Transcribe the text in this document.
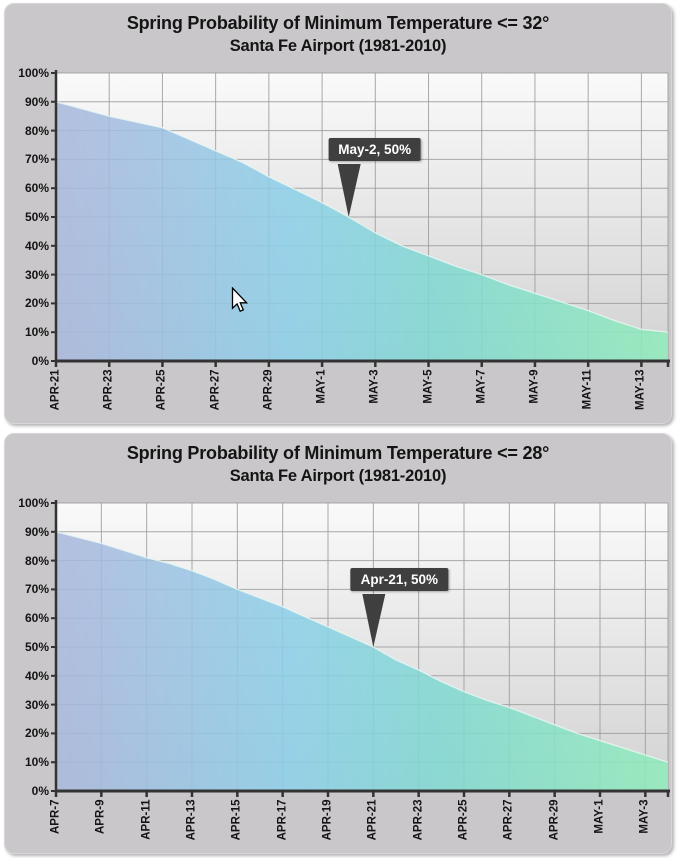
Spring Probability of Minimum Temperature <= 32°
Santa Fe Airport (1981-2010)
May-2, 50%
100%
90%
80%
70%
60%
50%
40%
30%
20%
10%
0%
APR-21	APR-23	APR-25	APR-27	APR-29	MAY-1	MAY-3	MAY-5	MAY-7	MAY-9	MAY-11	MAY-13
Spring Probability of Minimum Temperature <= 28°
Santa Fe Airport (1981-2010)
Apr-21, 50%
100%
90%
80%
70%
60%
50%
40%
30%
20%
10%
0%
APR-7	APR-9	APR-11	APR-13	APR-15	APR-17	APR-19	APR-21	APR-23	APR-25	APR-27	APR-29	MAY-1	MAY-3
